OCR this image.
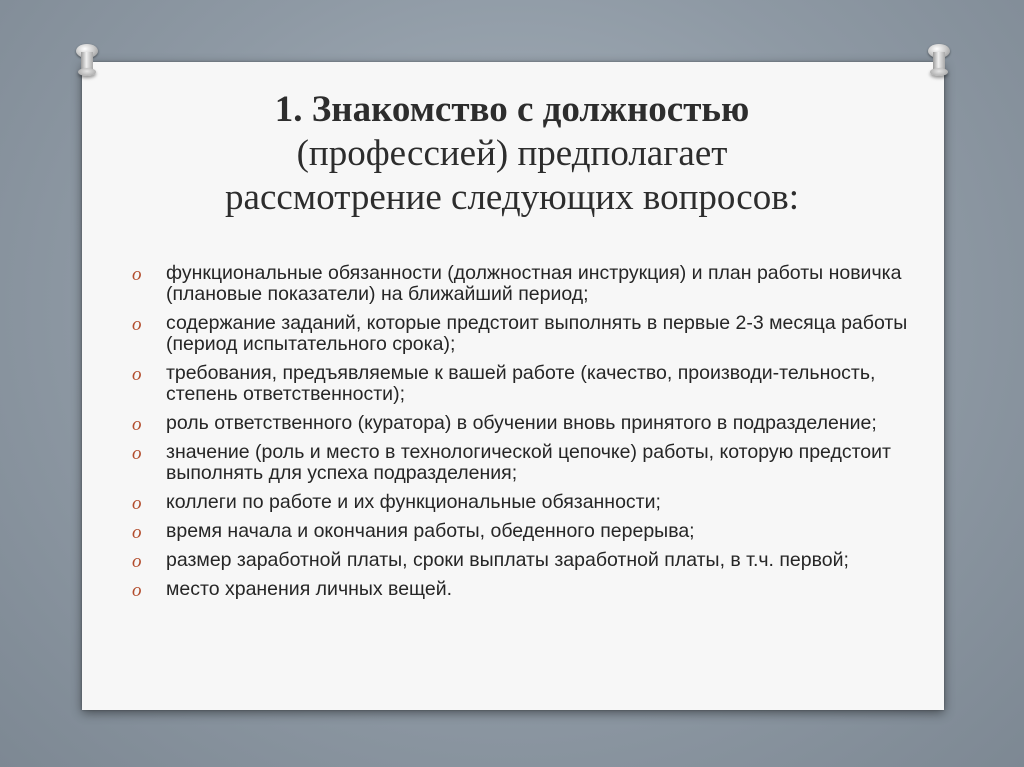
1. Знакомство с должностью
(профессией) предполагает
рассмотрение следующих вопросов:
o функциональные обязанности (должностная инструкция) и план работы новичка (плановые показатели) на ближайший период;
o содержание заданий, которые предстоит выполнять в первые 2-3 месяца работы (период испытательного срока);
o требования, предъявляемые к вашей работе (качество, производи-тельность, степень ответственности);
o роль ответственного (куратора) в обучении вновь принятого в подразделение;
o значение (роль и место в технологической цепочке) работы, которую предстоит выполнять для успеха подразделения;
o коллеги по работе и их функциональные обязанности;
o время начала и окончания работы, обеденного перерыва;
o размер заработной платы, сроки выплаты заработной платы, в т.ч. первой;
o место хранения личных вещей.
